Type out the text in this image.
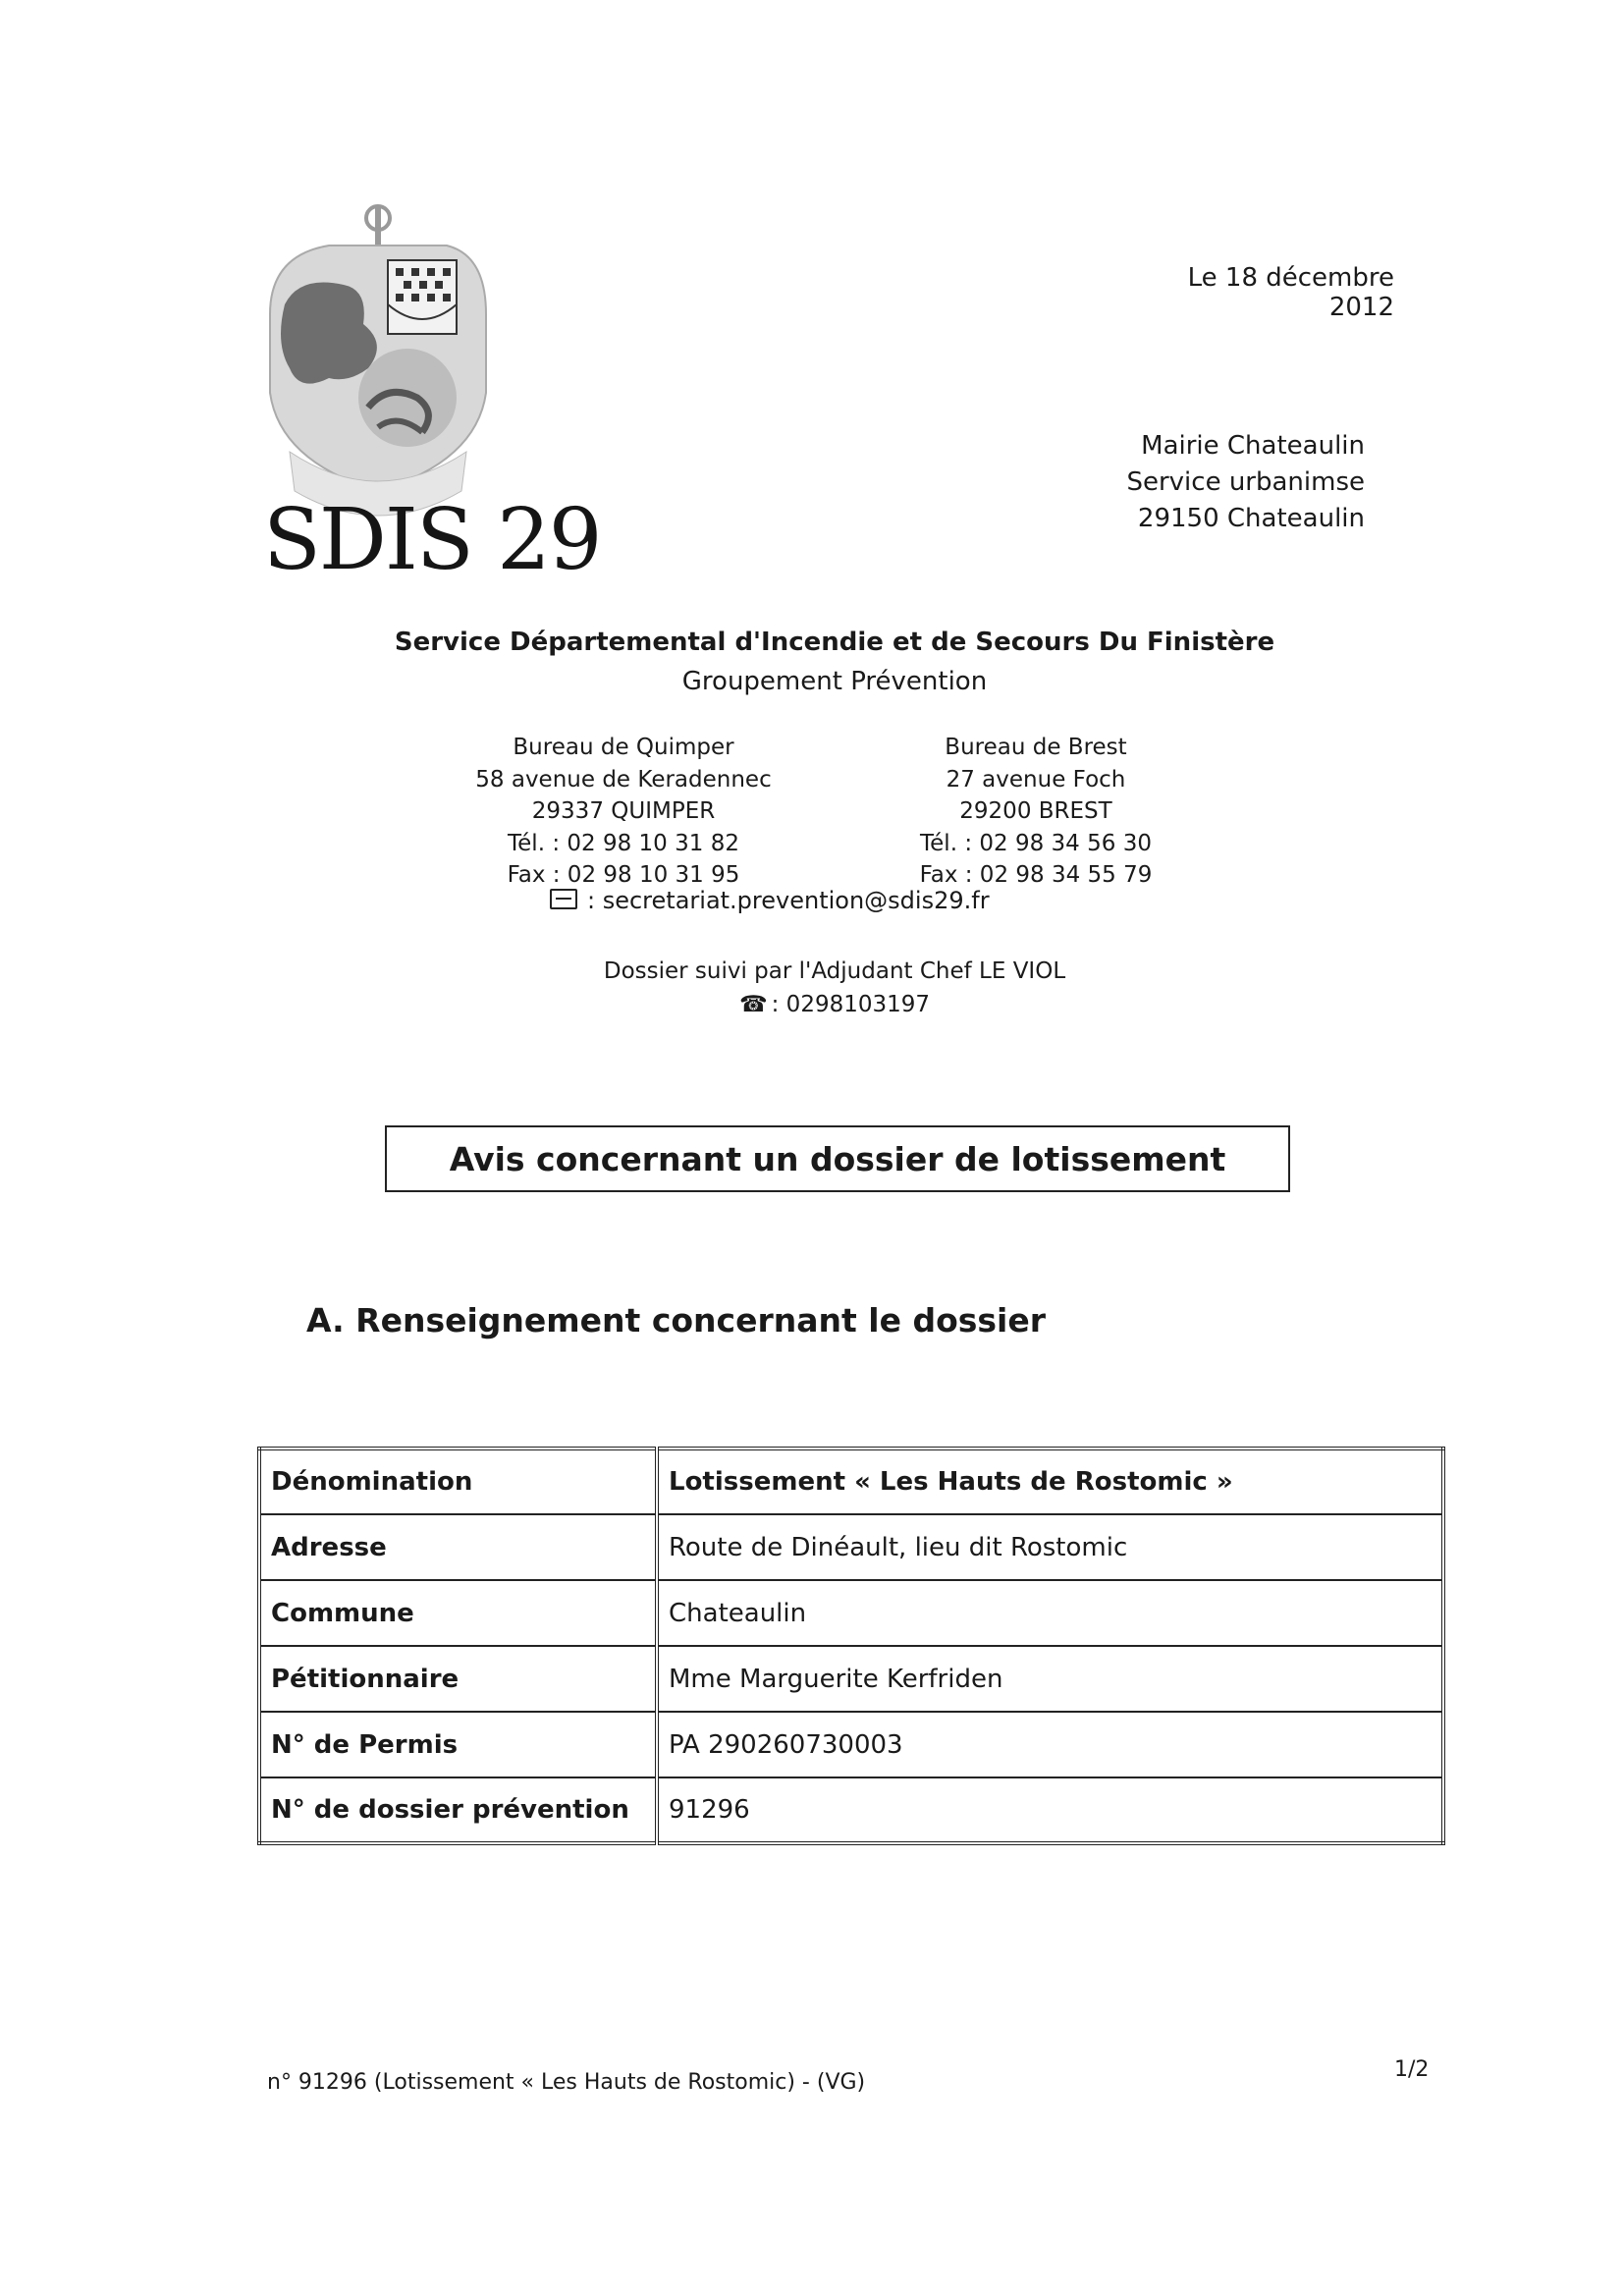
SDIS 29
Le 18 décembre 2012
Mairie Chateaulin
Service urbanimse
29150 Chateaulin
Service Départemental d'Incendie et de Secours Du Finistère
Groupement Prévention
Bureau de Quimper
58 avenue de Keradennec
29337 QUIMPER
Tél. : 02 98 10 31 82
Fax : 02 98 10 31 95
Bureau de Brest
27 avenue Foch
29200 BREST
Tél. : 02 98 34 56 30
Fax : 02 98 34 55 79
: secretariat.prevention@sdis29.fr
Dossier suivi par l'Adjudant Chef LE VIOL
☎ : 0298103197
Avis concernant un dossier de lotissement
A. Renseignement concernant le dossier
Dénomination	Lotissement « Les Hauts de Rostomic »
Adresse	Route de Dinéault, lieu dit Rostomic
Commune	Chateaulin
Pétitionnaire	Mme Marguerite Kerfriden
N° de Permis	PA 290260730003
N° de dossier prévention	91296
n° 91296 (Lotissement « Les Hauts de Rostomic) - (VG)
1/2
